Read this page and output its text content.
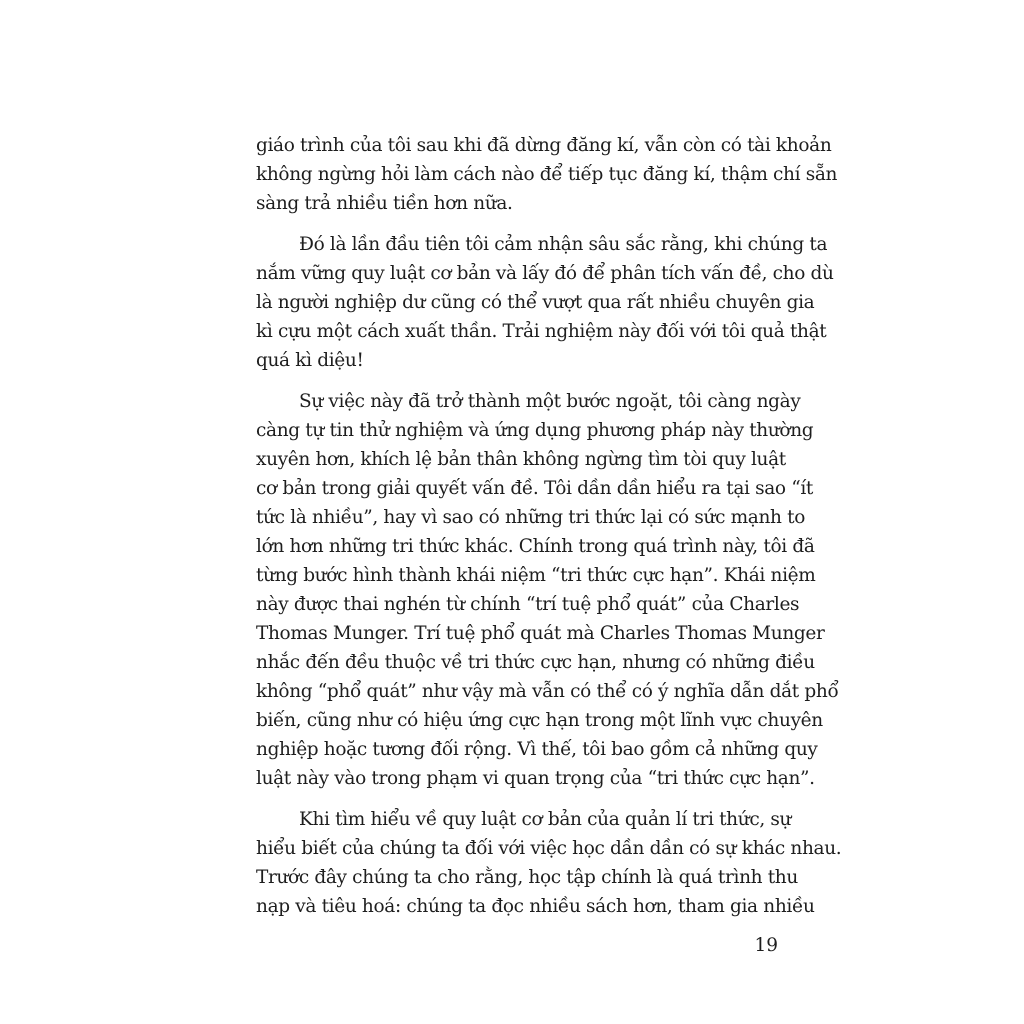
giáo trình của tôi sau khi đã dừng đăng kí, vẫn còn có tài khoản
không ngừng hỏi làm cách nào để tiếp tục đăng kí, thậm chí sẵn
sàng trả nhiều tiền hơn nữa.
Đó là lần đầu tiên tôi cảm nhận sâu sắc rằng, khi chúng ta
nắm vững quy luật cơ bản và lấy đó để phân tích vấn đề, cho dù
là người nghiệp dư cũng có thể vượt qua rất nhiều chuyên gia
kì cựu một cách xuất thần. Trải nghiệm này đối với tôi quả thật
quá kì diệu!
Sự việc này đã trở thành một bước ngoặt, tôi càng ngày
càng tự tin thử nghiệm và ứng dụng phương pháp này thường
xuyên hơn, khích lệ bản thân không ngừng tìm tòi quy luật
cơ bản trong giải quyết vấn đề. Tôi dần dần hiểu ra tại sao “ít
tức là nhiều”, hay vì sao có những tri thức lại có sức mạnh to
lớn hơn những tri thức khác. Chính trong quá trình này, tôi đã
từng bước hình thành khái niệm “tri thức cực hạn”. Khái niệm
này được thai nghén từ chính “trí tuệ phổ quát” của Charles
Thomas Munger. Trí tuệ phổ quát mà Charles Thomas Munger
nhắc đến đều thuộc về tri thức cực hạn, nhưng có những điều
không “phổ quát” như vậy mà vẫn có thể có ý nghĩa dẫn dắt phổ
biến, cũng như có hiệu ứng cực hạn trong một lĩnh vực chuyên
nghiệp hoặc tương đối rộng. Vì thế, tôi bao gồm cả những quy
luật này vào trong phạm vi quan trọng của “tri thức cực hạn”.
Khi tìm hiểu về quy luật cơ bản của quản lí tri thức, sự
hiểu biết của chúng ta đối với việc học dần dần có sự khác nhau.
Trước đây chúng ta cho rằng, học tập chính là quá trình thu
nạp và tiêu hoá: chúng ta đọc nhiều sách hơn, tham gia nhiều
19
